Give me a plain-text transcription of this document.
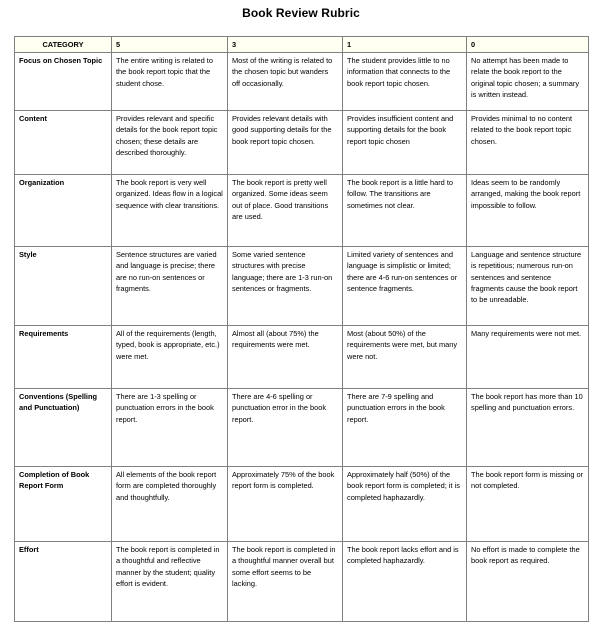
Book Review Rubric
CATEGORY	5	3	1	0
Focus on Chosen Topic	The entire writing is related to the book report topic that the student chose.	Most of the writing is related to the chosen topic but wanders off occasionally.	The student provides little to no information that connects to the book report topic chosen.	No attempt has been made to relate the book report to the original topic chosen; a summary is written instead.
Content	Provides relevant and specific details for the book report topic chosen; these details are described thoroughly.	Provides relevant details with good supporting details for the book report topic chosen.	Provides insufficient content and supporting details for the book report topic chosen	Provides minimal to no content related to the book report topic chosen.
Organization	The book report is very well organized. Ideas flow in a logical sequence with clear transitions.	The book report is pretty well organized. Some ideas seem out of place. Good transitions are used.	The book report is a little hard to follow. The transitions are sometimes not clear.	Ideas seem to be randomly arranged, making the book report impossible to follow.
Style	Sentence structures are varied and language is precise; there are no run-on sentences or fragments.	Some varied sentence structures with precise language; there are 1-3 run-on sentences or fragments.	Limited variety of sentences and language is simplistic or limited; there are 4-6 run-on sentences or sentence fragments.	Language and sentence structure is repetitious; numerous run-on sentences and sentence fragments cause the book report to be unreadable.
Requirements	All of the requirements (length, typed, book is appropriate, etc.) were met.	Almost all (about 75%) the requirements were met.	Most (about 50%) of the requirements were met, but many were not.	Many requirements were not met.
Conventions (Spelling and Punctuation)	There are 1-3 spelling or punctuation errors in the book report.	There are 4-6 spelling or punctuation error in the book report.	There are 7-9 spelling and punctuation errors in the book report.	The book report has more than 10 spelling and punctuation errors.
Completion of Book Report Form	All elements of the book report form are completed thoroughly and thoughtfully.	Approximately 75% of the book report form is completed.	Approximately half (50%) of the book report form is completed; it is completed haphazardly.	The book report form is missing or not completed.
Effort	The book report is completed in a thoughtful and reflective manner by the student; quality effort is evident.	The book report is completed in a thoughtful manner overall but some effort seems to be lacking.	The book report lacks effort and is completed haphazardly.	No effort is made to complete the book report as required.
